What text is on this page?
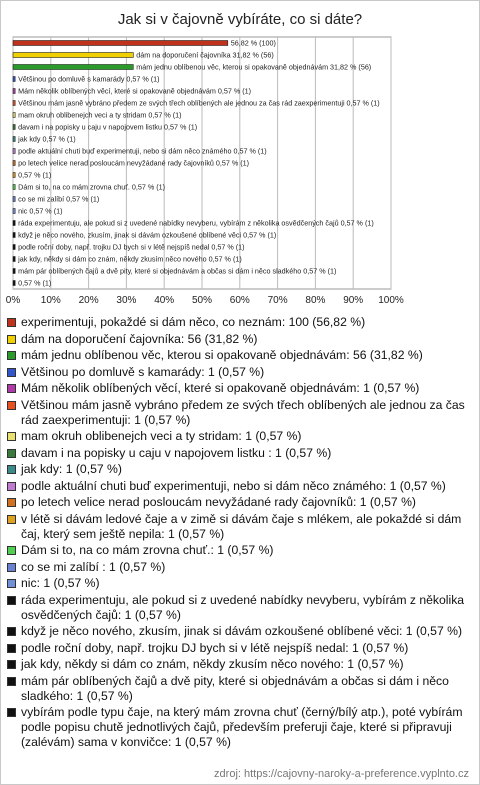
Jak si v čajovně vybíráte, co si dáte?
0% 10% 20% 30% 40% 50% 60% 70% 80% 90% 100%
56,82 % (100)
dám na doporučení čajovníka 31,82 % (56)
mám jednu oblíbenou věc, kterou si opakovaně objednávám 31,82 % (56)
Většinou po domluvě s kamarády 0,57 % (1)
Mám několik oblíbených věcí, které si opakovaně objednávám 0,57 % (1)
Většinou mám jasně vybráno předem ze svých třech oblíbených ale jednou za čas rád zaexperimentuji 0,57 % (1)
mam okruh oblibenejch veci a ty stridam 0,57 % (1)
davam i na popisky u caju v napojovem listku 0,57 % (1)
jak kdy 0,57 % (1)
podle aktuální chuti buď experimentuji, nebo si dám něco známého 0,57 % (1)
po letech velice nerad posloucám nevyžádané rady čajovníků 0,57 % (1)
0,57 % (1)
Dám si to, na co mám zrovna chuť. 0,57 % (1)
co se mi zalíbí 0,57 % (1)
nic 0,57 % (1)
ráda experimentuju, ale pokud si z uvedené nabídky nevyberu, vybírám z několika osvědčených čajů 0,57 % (1)
když je něco nového, zkusím, jinak si dávám ozkoušené oblíbené věci 0,57 % (1)
podle roční doby, např. trojku DJ bych si v létě nejspíš nedal 0,57 % (1)
jak kdy, někdy si dám co znám, někdy zkusím něco nového 0,57 % (1)
mám pár oblíbených čajů a dvě pity, které si objednávám a občas si dám i něco sladkého 0,57 % (1)
0,57 % (1)
experimentuji, pokaždé si dám něco, co neznám: 100 (56,82 %)
dám na doporučení čajovníka: 56 (31,82 %)
mám jednu oblíbenou věc, kterou si opakovaně objednávám: 56 (31,82 %)
Většinou po domluvě s kamarády: 1 (0,57 %)
Mám několik oblíbených věcí, které si opakovaně objednávám: 1 (0,57 %)
Většinou mám jasně vybráno předem ze svých třech oblíbených ale jednou za čas rád zaexperimentuji: 1 (0,57 %)
mam okruh oblibenejch veci a ty stridam: 1 (0,57 %)
davam i na popisky u caju v napojovem listku : 1 (0,57 %)
jak kdy: 1 (0,57 %)
podle aktuální chuti buď experimentuji, nebo si dám něco známého: 1 (0,57 %)
po letech velice nerad posloucám nevyžádané rady čajovníků: 1 (0,57 %)
v létě si dávám ledové čaje a v zimě si dávám čaje s mlékem, ale pokaždé si dám čaj, který sem ještě nepila: 1 (0,57 %)
Dám si to, na co mám zrovna chuť.: 1 (0,57 %)
co se mi zalíbí : 1 (0,57 %)
nic: 1 (0,57 %)
ráda experimentuju, ale pokud si z uvedené nabídky nevyberu, vybírám z několika osvědčených čajů: 1 (0,57 %)
když je něco nového, zkusím, jinak si dávám ozkoušené oblíbené věci: 1 (0,57 %)
podle roční doby, např. trojku DJ bych si v létě nejspíš nedal: 1 (0,57 %)
jak kdy, někdy si dám co znám, někdy zkusím něco nového: 1 (0,57 %)
mám pár oblíbených čajů a dvě pity, které si objednávám a občas si dám i něco sladkého: 1 (0,57 %)
vybírám podle typu čaje, na který mám zrovna chuť (černý/bílý atp.), poté vybírám podle popisu chutě jednotlivých čajů, především preferuji čaje, které si připravuji (zalévám) sama v konvičce: 1 (0,57 %)
zdroj: https://cajovny-naroky-a-preference.vyplnto.cz
